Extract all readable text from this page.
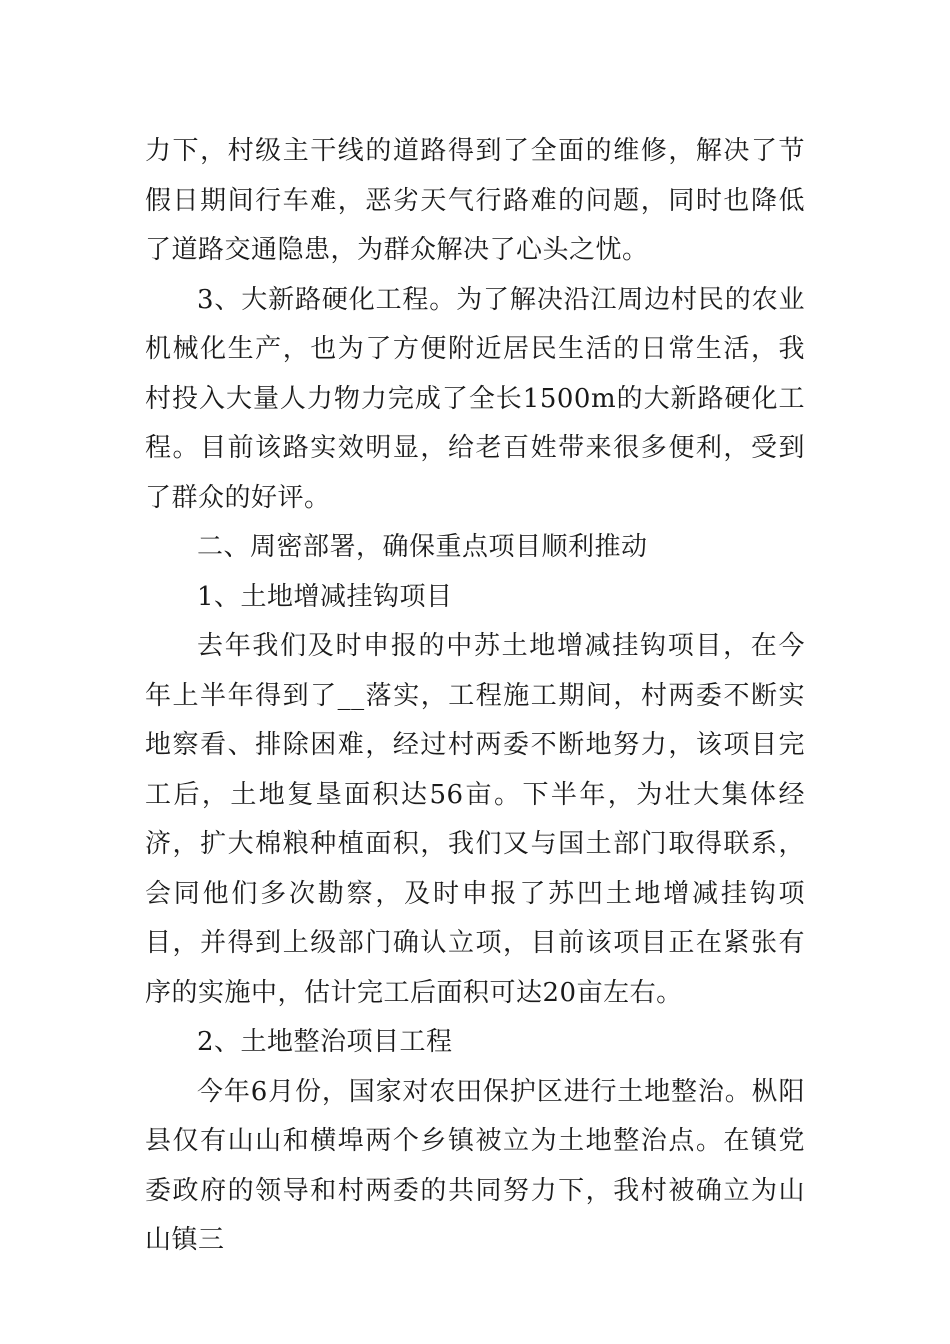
力下，村级主干线的道路得到了全面的维修，解决了节假日期间行车难，恶劣天气行路难的问题，同时也降低了道路交通隐患，为群众解决了心头之忧。

3、大新路硬化工程。为了解决沿江周边村民的农业机械化生产，也为了方便附近居民生活的日常生活，我村投入大量人力物力完成了全长1500m的大新路硬化工程。目前该路实效明显，给老百姓带来很多便利，受到了群众的好评。

二、周密部署，确保重点项目顺利推动

1、土地增减挂钩项目

去年我们及时申报的中苏土地增减挂钩项目，在今年上半年得到了__落实，工程施工期间，村两委不断实地察看、排除困难，经过村两委不断地努力，该项目完工后，土地复垦面积达56亩。下半年，为壮大集体经济，扩大棉粮种植面积，我们又与国土部门取得联系，会同他们多次勘察，及时申报了苏凹土地增减挂钩项目，并得到上级部门确认立项，目前该项目正在紧张有序的实施中，估计完工后面积可达20亩左右。

2、土地整治项目工程

今年6月份，国家对农田保护区进行土地整治。枞阳县仅有山山和横埠两个乡镇被立为土地整治点。在镇党委政府的领导和村两委的共同努力下，我村被确立为山山镇三
